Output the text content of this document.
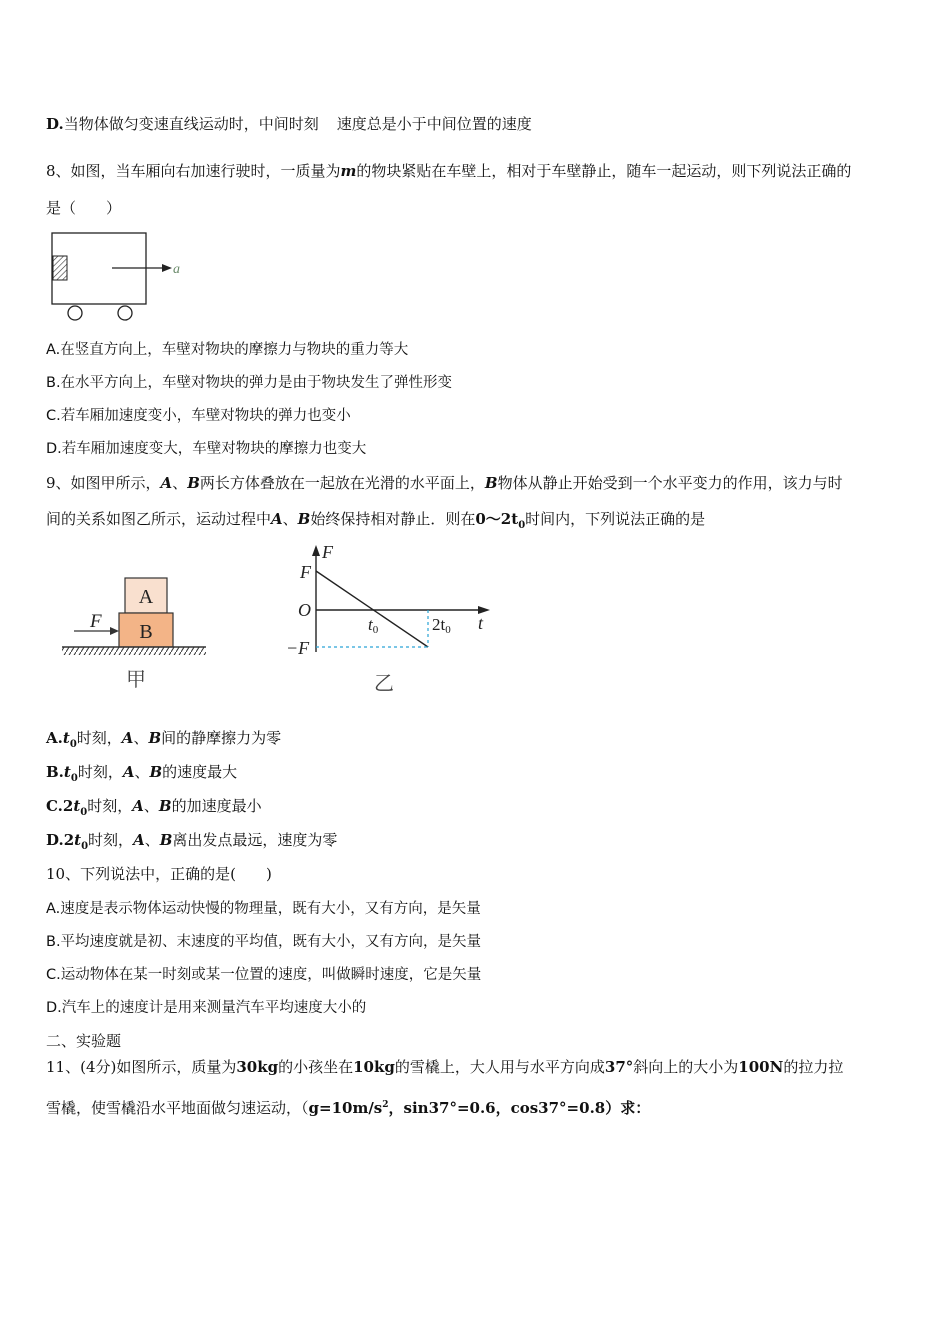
D.当物体做匀变速直线运动时，中间时刻 速度总是小于中间位置的速度
8、如图，当车厢向右加速行驶时，一质量为m的物块紧贴在车壁上，相对于车壁静止，随车一起运动，则下列说法正确的
是（　　）
a
A.在竖直方向上，车壁对物块的摩擦力与物块的重力等大
B.在水平方向上，车壁对物块的弹力是由于物块发生了弹性形变
C.若车厢加速度变小，车壁对物块的弹力也变小
D.若车厢加速度变大，车壁对物块的摩擦力也变大
9、如图甲所示，A、B两长方体叠放在一起放在光滑的水平面上，B物体从静止开始受到一个水平变力的作用，该力与时
间的关系如图乙所示，运动过程中A、B始终保持相对静止．则在$0\sim 2t_0$时间内，下列说法正确的是
A
B
F
甲
F
t
F
O
−F
t0	2t0
乙
$A.t_0$时刻，A、B间的静摩擦力为零
$B.t_0$时刻，A、B的速度最大
$C.2t_0$时刻，A、B的加速度最小
$D.2t_0$时刻，A、B离出发点最远，速度为零
10、下列说法中，正确的是(　　)
A.速度是表示物体运动快慢的物理量，既有大小，又有方向，是矢量
B.平均速度就是初、末速度的平均值，既有大小，又有方向，是矢量
C.运动物体在某一时刻或某一位置的速度，叫做瞬时速度，它是矢量
D.汽车上的速度计是用来测量汽车平均速度大小的
二、实验题
11、(4分)如图所示，质量为30kg的小孩坐在10kg的雪橇上，大人用与水平方向成37°斜向上的大小为100N的拉力拉
雪橇，使雪橇沿水平地面做匀速运动，（$g=10m/s^2$，sin37°=0.6，cos37°=0.8）求：
